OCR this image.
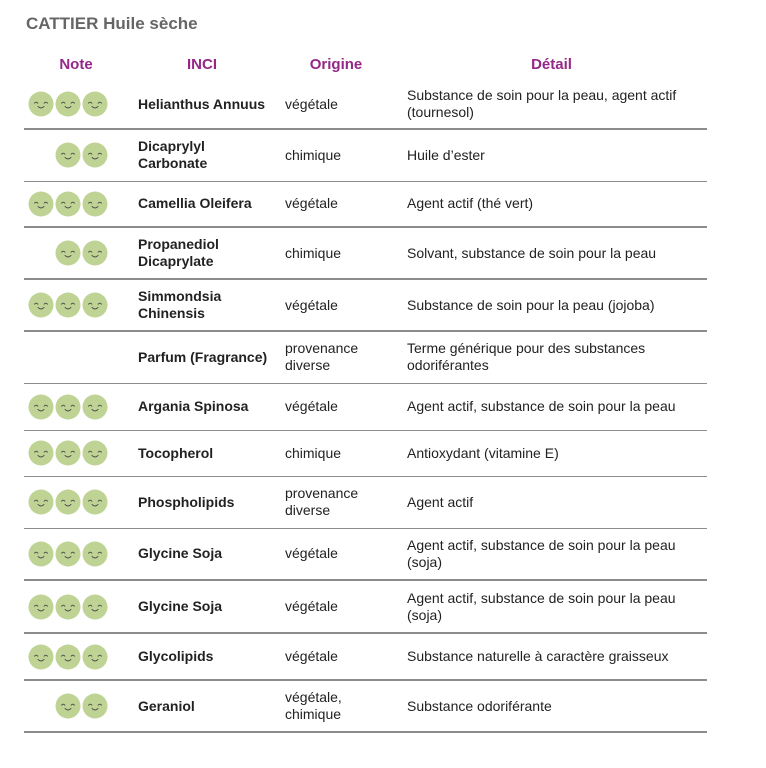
CATTIER Huile sèche
Note	INCI	Origine	Détail

	Helianthus Annuus	végétale	Substance de soin pour la peau, agent actif (tournesol)

	Dicaprylyl Carbonate	chimique	Huile d’ester

	Camellia Oleifera	végétale	Agent actif (thé vert)

	Propanediol Dicaprylate	chimique	Solvant, substance de soin pour la peau

	Simmondsia Chinensis	végétale	Substance de soin pour la peau (jojoba)

	Parfum (Fragrance)	provenance diverse	Terme générique pour des substances odoriférantes

	Argania Spinosa	végétale	Agent actif, substance de soin pour la peau

	Tocopherol	chimique	Antioxydant (vitamine E)

	Phospholipids	provenance diverse	Agent actif

	Glycine Soja	végétale	Agent actif, substance de soin pour la peau (soja)

	Glycine Soja	végétale	Agent actif, substance de soin pour la peau (soja)

	Glycolipids	végétale	Substance naturelle à caractère graisseux

	Geraniol	végétale, chimique	Substance odoriférante
